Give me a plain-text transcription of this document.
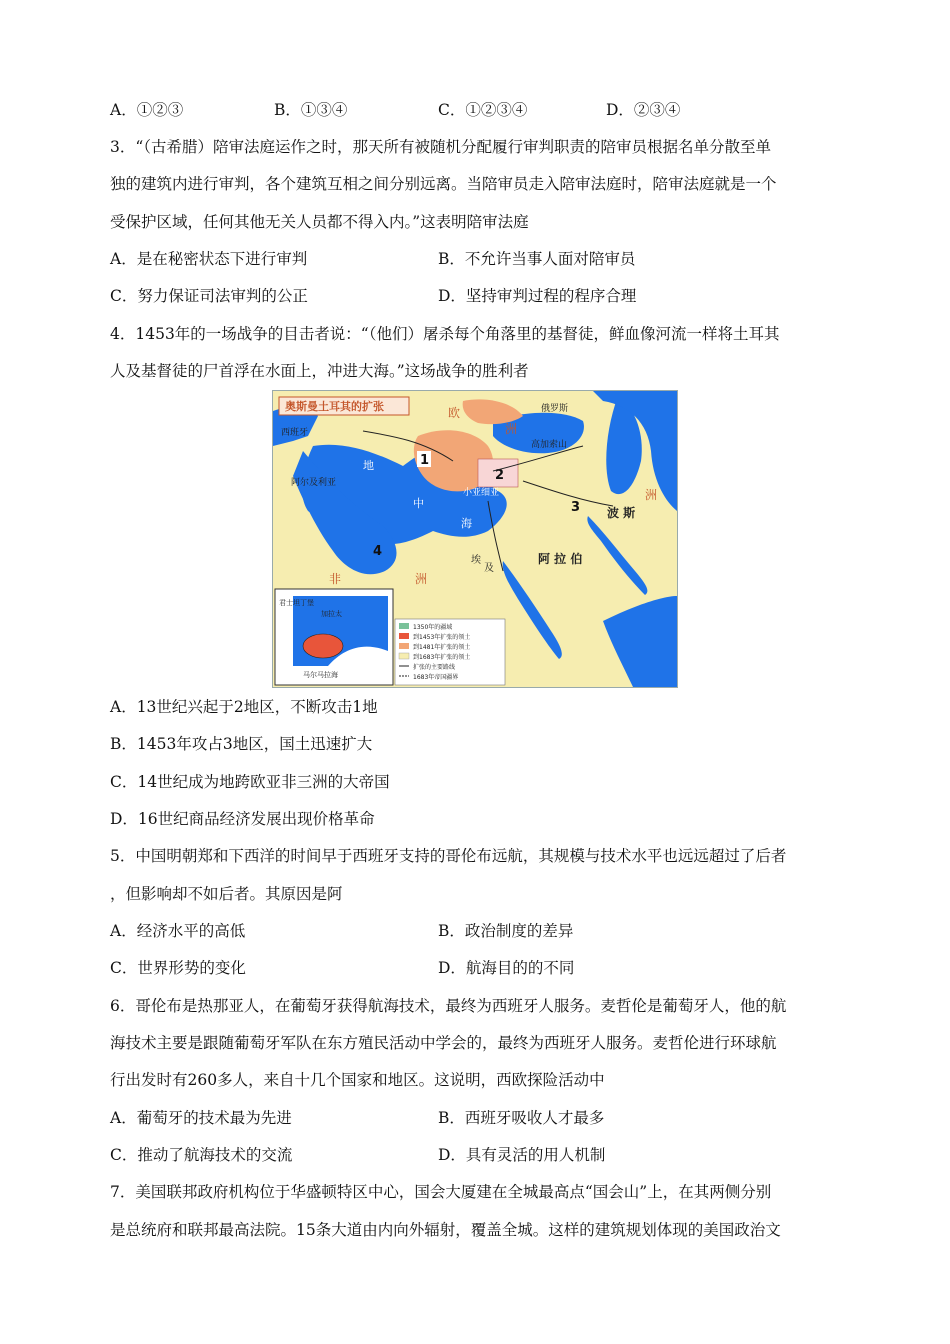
A．①②③	B．①③④	C．①②③④	D．②③④
3．“（古希腊）陪审法庭运作之时，那天所有被随机分配履行审判职责的陪审员根据名单分散至单
独的建筑内进行审判，各个建筑互相之间分别远离。当陪审员走入陪审法庭时，陪审法庭就是一个
受保护区域，任何其他无关人员都不得入内。”这表明陪审法庭
A．是在秘密状态下进行审判	B．不允许当事人面对陪审员
C．努力保证司法审判的公正	D．坚持审判过程的程序合理
4．1453年的一场战争的目击者说：“（他们）屠杀每个角落里的基督徒，鲜血像河流一样将土耳其
人及基督徒的尸首浮在水面上，冲进大海。”这场战争的胜利者
奥斯曼土耳其的扩张	欧
洲
俄罗斯
西班牙
阿尔及利亚
高加索山
小亚细亚
波 斯
洲
阿 拉 伯
非	洲
埃
及
地
中
海
1
2
3
4
君士坦丁堡
加拉太
马尔马拉海
1350年的疆域
到1453年扩张的领土
到1481年扩张的领土
到1683年扩张的领土
扩张的主要路线
1683年帝国疆界
A．13世纪兴起于2地区，不断攻击1地
B．1453年攻占3地区，国土迅速扩大
C．14世纪成为地跨欧亚非三洲的大帝国
D．16世纪商品经济发展出现价格革命
5．中国明朝郑和下西洋的时间早于西班牙支持的哥伦布远航，其规模与技术水平也远远超过了后者
，但影响却不如后者。其原因是阿
A．经济水平的高低	B．政治制度的差异
C．世界形势的变化	D．航海目的的不同
6．哥伦布是热那亚人，在葡萄牙获得航海技术，最终为西班牙人服务。麦哲伦是葡萄牙人，他的航
海技术主要是跟随葡萄牙军队在东方殖民活动中学会的，最终为西班牙人服务。麦哲伦进行环球航
行出发时有260多人，来自十几个国家和地区。这说明，西欧探险活动中
A．葡萄牙的技术最为先进	B．西班牙吸收人才最多
C．推动了航海技术的交流	D．具有灵活的用人机制
7．美国联邦政府机构位于华盛顿特区中心，国会大厦建在全城最高点“国会山”上，在其两侧分别
是总统府和联邦最高法院。15条大道由内向外辐射，覆盖全城。这样的建筑规划体现的美国政治文
